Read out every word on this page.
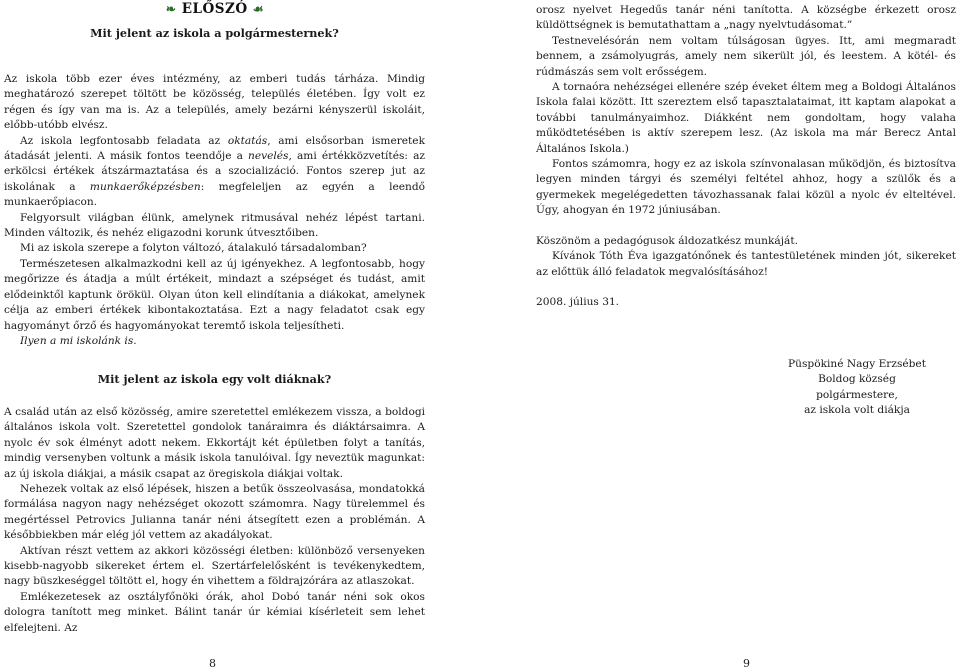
❧ ELŐSZÓ ☙
Mit jelent az iskola a polgármesternek?

Az iskola több ezer éves intézmény, az emberi tudás tárháza. Mindig meghatározó szerepet töltött be közösség, település életében. Így volt ez régen és így van ma is. Az a település, amely bezárni kényszerül iskoláit, előbb-utóbb elvész.

Az iskola legfontosabb feladata az oktatás, ami elsősorban ismeretek átadását jelenti. A másik fontos teendője a nevelés, ami értékközvetítés: az erkölcsi értékek átszármaztatása és a szocializáció. Fontos szerep jut az iskolának a munkaerőképzésben: megfeleljen az egyén a leendő munkaerőpiacon.

Felgyorsult világban élünk, amelynek ritmusával nehéz lépést tartani. Minden változik, és nehéz eligazodni korunk útvesztőiben.

Mi az iskola szerepe a folyton változó, átalakuló társadalomban?

Természetesen alkalmazkodni kell az új igényekhez. A legfontosabb, hogy megőrizze és átadja a múlt értékeit, mindazt a szépséget és tudást, amit elődeinktől kaptunk örökül. Olyan úton kell elindítania a diákokat, amelynek célja az emberi értékek kibontakoztatása. Ezt a nagy feladatot csak egy hagyományt őrző és hagyományokat teremtő iskola teljesítheti.

Ilyen a mi iskolánk is.

Mit jelent az iskola egy volt diáknak?

A család után az első közösség, amire szeretettel emlékezem vissza, a boldogi általános iskola volt. Szeretettel gondolok tanáraimra és diáktársaimra. A nyolc év sok élményt adott nekem. Ekkortájt két épületben folyt a tanítás, mindig versenyben voltunk a másik iskola tanulóival. Így neveztük magunkat: az új iskola diákjai, a másik csapat az öregiskola diákjai voltak.

Nehezek voltak az első lépések, hiszen a betűk összeolvasása, mondatokká formálása nagyon nagy nehézséget okozott számomra. Nagy türelemmel és megértéssel Petrovics Julianna tanár néni átsegített ezen a problémán. A későbbiekben már elég jól vettem az akadályokat.

Aktívan részt vettem az akkori közösségi életben: különböző versenyeken kisebb-nagyobb sikereket értem el. Szertárfelelősként is tevékenykedtem, nagy büszkeséggel töltött el, hogy én vihettem a földrajzórára az atlaszokat.

Emlékezetesek az osztályfőnöki órák, ahol Dobó tanár néni sok okos dologra tanított meg minket. Bálint tanár úr kémiai kísérleteit sem lehet elfelejteni. Az

8

orosz nyelvet Hegedűs tanár néni tanította. A községbe érkezett orosz küldöttségnek is bemutathattam a „nagy nyelvtudásomat.”

Testnevelésórán nem voltam túlságosan ügyes. Itt, ami megmaradt bennem, a zsámolyugrás, amely nem sikerült jól, és leestem. A kötél- és rúdmászás sem volt erősségem.

A tornaóra nehézségei ellenére szép éveket éltem meg a Boldogi Általános Iskola falai között. Itt szereztem első tapasztalataimat, itt kaptam alapokat a további tanulmányaimhoz. Diákként nem gondoltam, hogy valaha működtetésében is aktív szerepem lesz. (Az iskola ma már Berecz Antal Általános Iskola.)

Fontos számomra, hogy ez az iskola színvonalasan működjön, és biztosítva legyen minden tárgyi és személyi feltétel ahhoz, hogy a szülők és a gyermekek megelégedetten távozhassanak falai közül a nyolc év elteltével. Úgy, ahogyan én 1972 júniusában.

Köszönöm a pedagógusok áldozatkész munkáját.

Kívánok Tóth Éva igazgatónőnek és tantestületének minden jót, sikereket az előttük álló feladatok megvalósításához!

2008. július 31.

Püspökiné Nagy Erzsébet
Boldog község polgármestere,
az iskola volt diákja
9
